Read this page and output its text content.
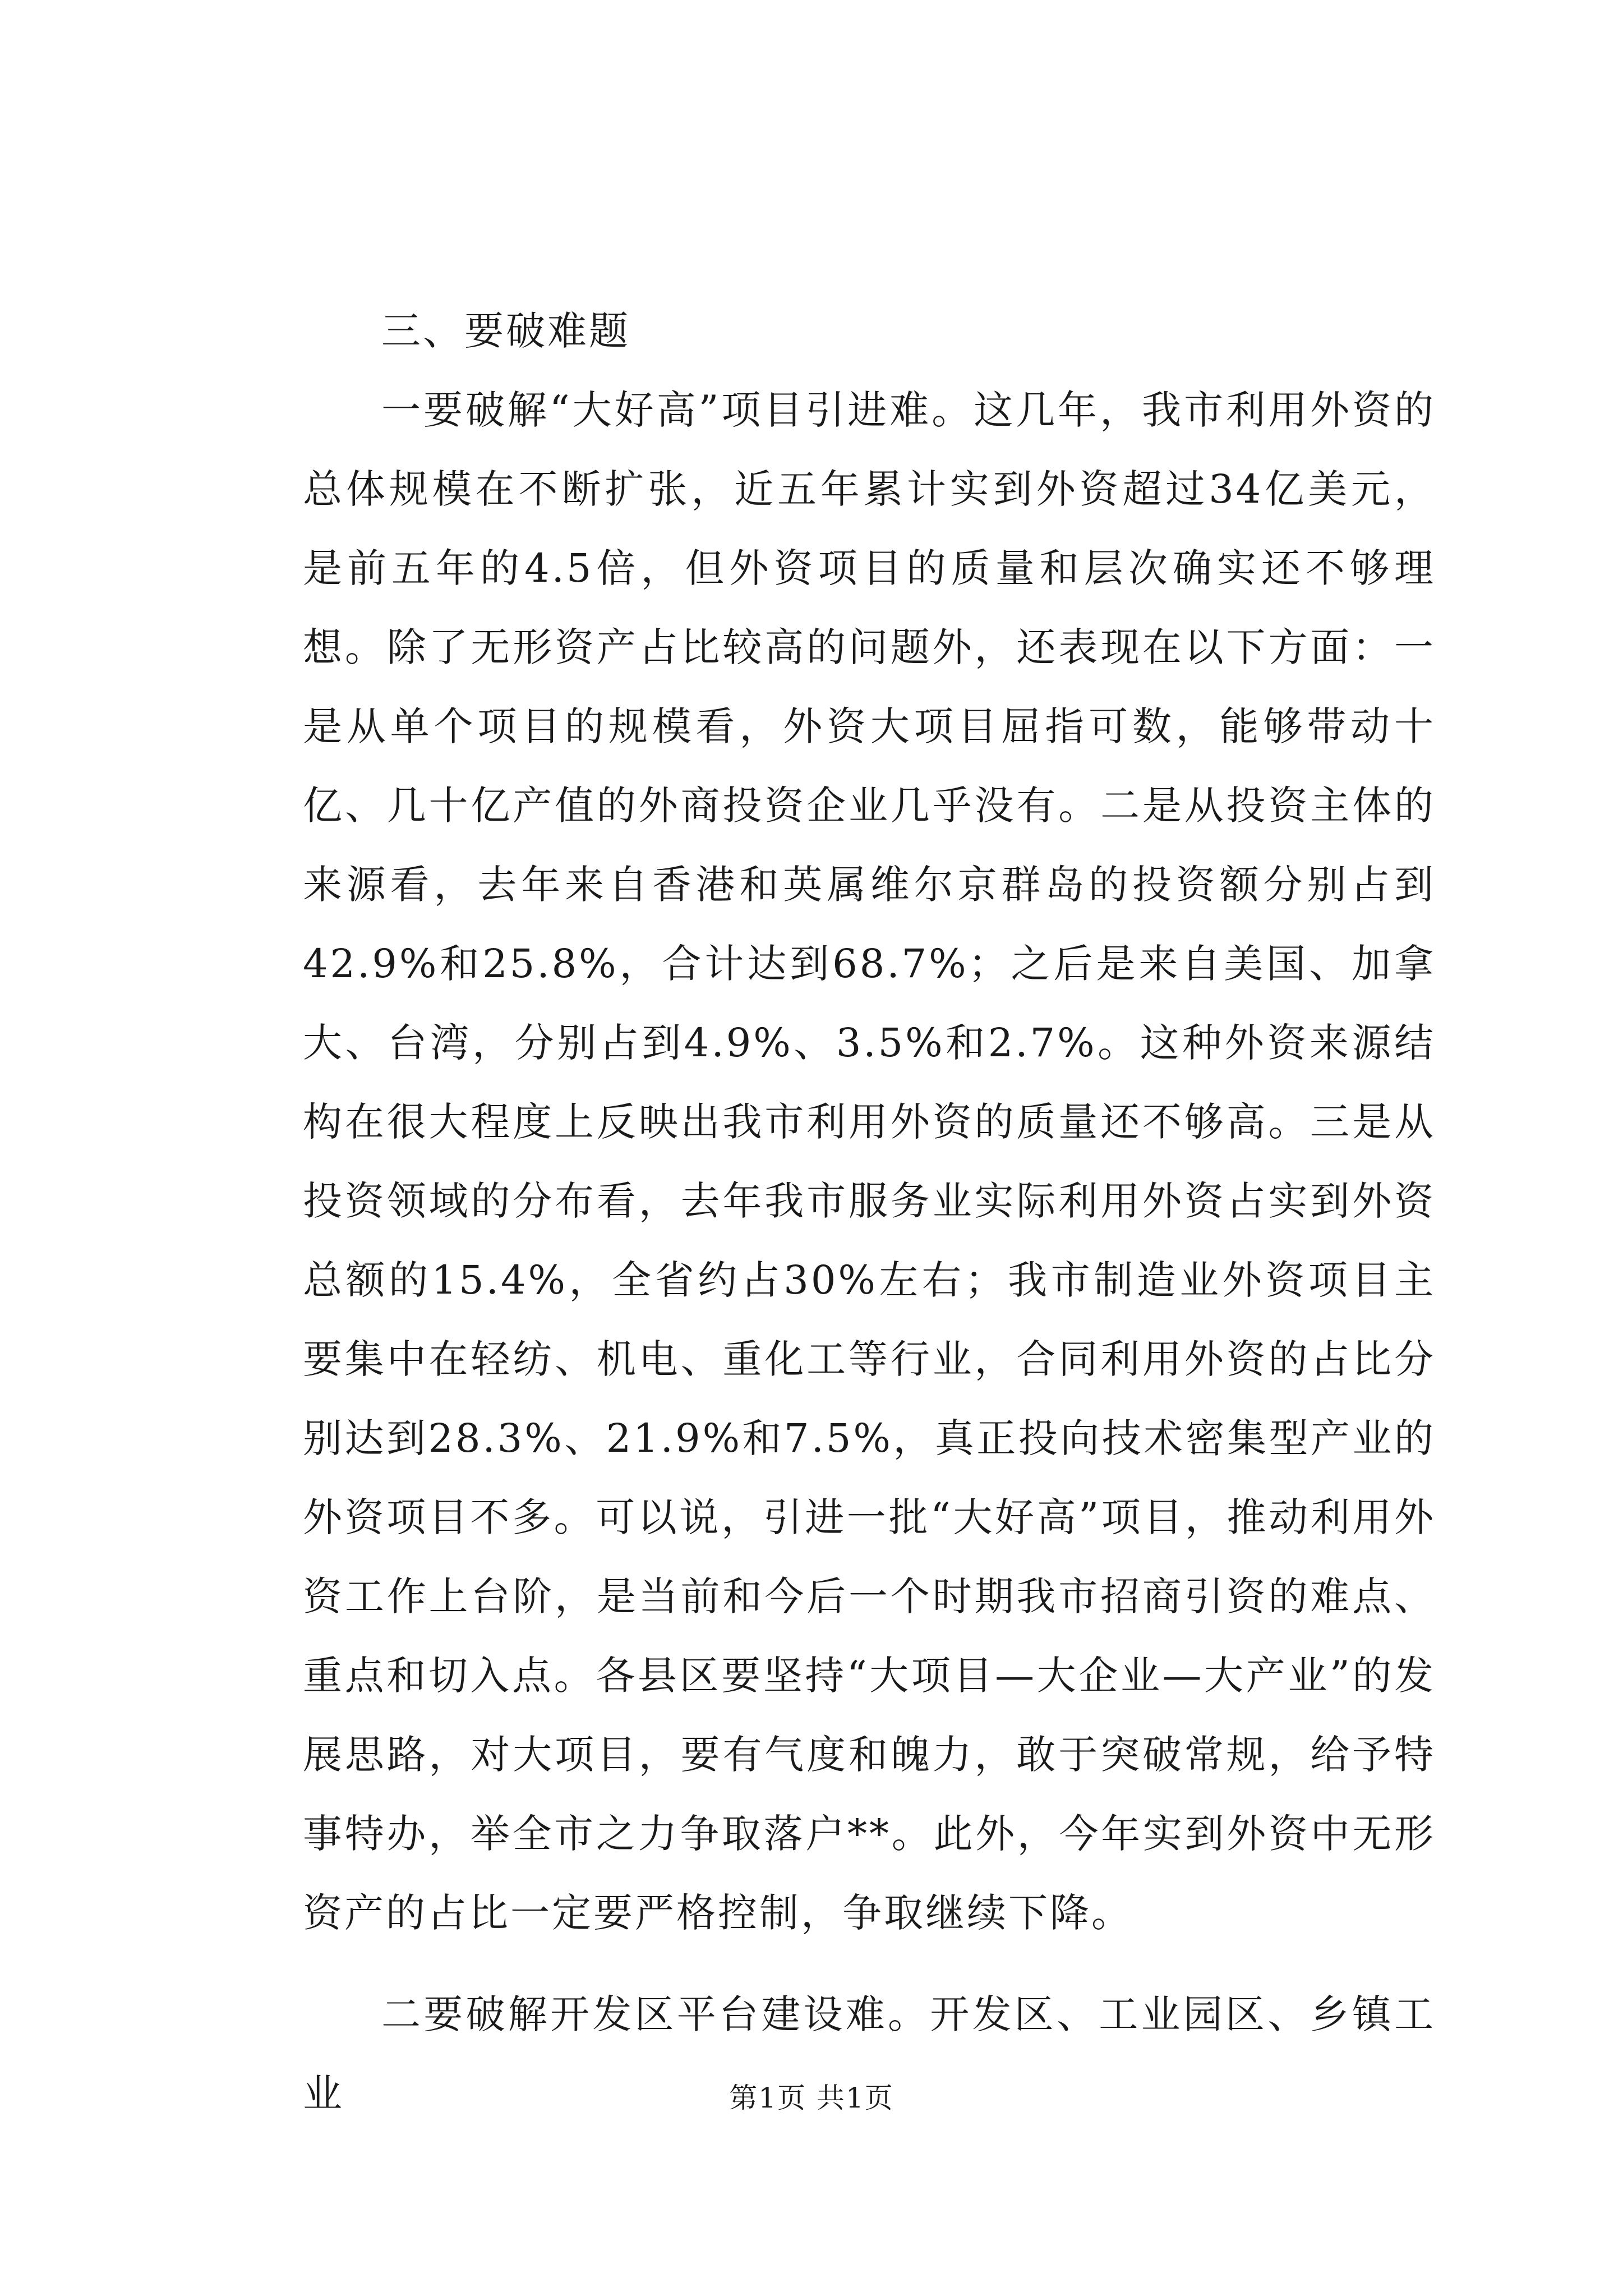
三、要破难题

一要破解“大好高”项目引进难。这几年，我市利用外资的总体规模在不断扩张，近五年累计实到外资超过34亿美元，是前五年的4.5倍，但外资项目的质量和层次确实还不够理想。除了无形资产占比较高的问题外，还表现在以下方面：一是从单个项目的规模看，外资大项目屈指可数，能够带动十亿、几十亿产值的外商投资企业几乎没有。二是从投资主体的来源看，去年来自香港和英属维尔京群岛的投资额分别占到42.9%和25.8%，合计达到68.7%；之后是来自美国、加拿大、台湾，分别占到4.9%、3.5%和2.7%。这种外资来源结构在很大程度上反映出我市利用外资的质量还不够高。三是从投资领域的分布看，去年我市服务业实际利用外资占实到外资总额的15.4%，全省约占30%左右；我市制造业外资项目主要集中在轻纺、机电、重化工等行业，合同利用外资的占比分别达到28.3%、21.9%和7.5%，真正投向技术密集型产业的外资项目不多。可以说，引进一批“大好高”项目，推动利用外资工作上台阶，是当前和今后一个时期我市招商引资的难点、重点和切入点。各县区要坚持“大项目—大企业—大产业”的发展思路，对大项目，要有气度和魄力，敢于突破常规，给予特事特办，举全市之力争取落户**。此外，今年实到外资中无形资产的占比一定要严格控制，争取继续下降。

二要破解开发区平台建设难。开发区、工业园区、乡镇工业	第1页 共1页
